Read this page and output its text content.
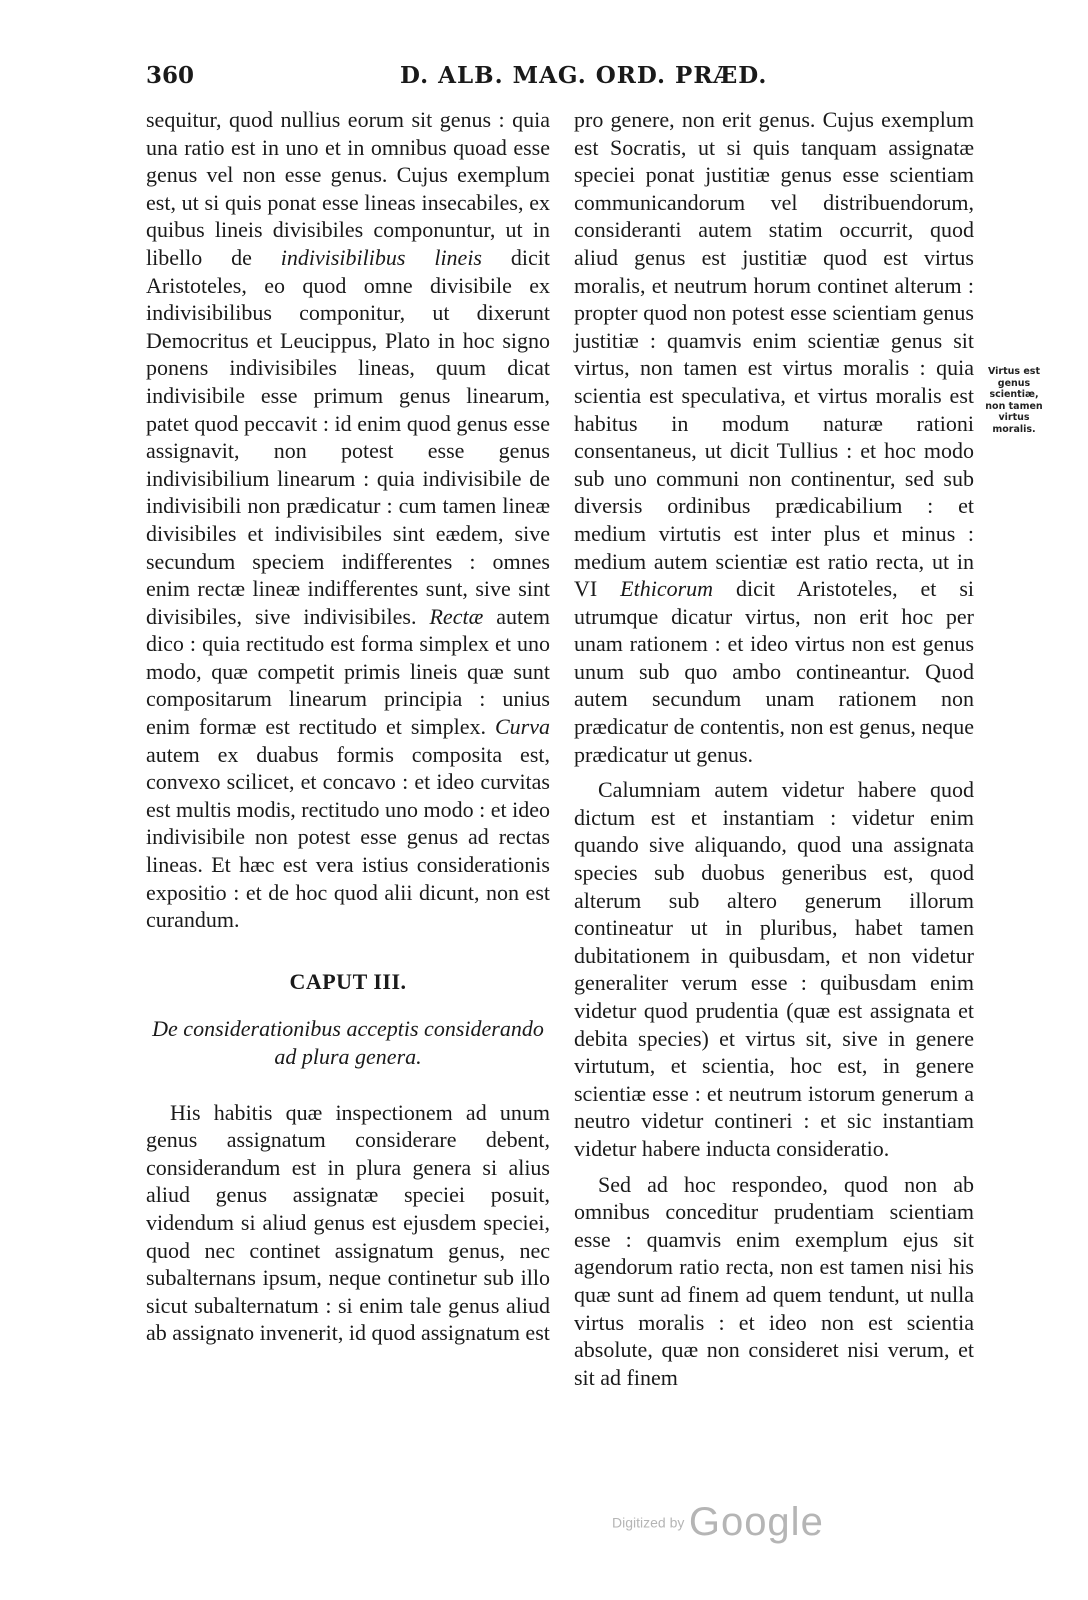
360	D. ALB. MAG. ORD. PRÆD.

sequitur, quod nullius eorum sit genus : quia una ratio est in uno et in omnibus quoad esse genus vel non esse genus. Cujus exemplum est, ut si quis ponat esse lineas insecabiles, ex quibus lineis divisibiles componuntur, ut in libello de indivisibilibus lineis dicit Aristoteles, eo quod omne divisibile ex indivisibilibus componitur, ut dixerunt Democritus et Leucippus, Plato in hoc signo ponens indivisibiles lineas, quum dicat indivisibile esse primum genus linearum, patet quod peccavit : id enim quod genus esse assignavit, non potest esse genus indivisibilium linearum : quia indivisibile de indivisibili non prædicatur : cum tamen lineæ divisibiles et indivisibiles sint eædem, sive secundum speciem indifferentes : omnes enim rectæ lineæ indifferentes sunt, sive sint divisibiles, sive indivisibiles. Rectæ autem dico : quia rectitudo est forma simplex et uno modo, quæ competit primis lineis quæ sunt compositarum linearum principia : unius enim formæ est rectitudo et simplex. Curva autem ex duabus formis composita est, convexo scilicet, et concavo : et ideo curvitas est multis modis, rectitudo uno modo : et ideo indivisibile non potest esse genus ad rectas lineas. Et hæc est vera istius considerationis expositio : et de hoc quod alii dicunt, non est curandum.

CAPUT III.

De considerationibus acceptis considerando ad plura genera.

His habitis quæ inspectionem ad unum genus assignatum considerare debent, considerandum est in plura genera si alius aliud genus assignatæ speciei posuit, videndum si aliud genus est ejusdem speciei, quod nec continet assignatum genus, nec subalternans ipsum, neque continetur sub illo sicut subalternatum : si enim tale genus aliud ab assignato invenerit, id quod assignatum est

pro genere, non erit genus. Cujus exemplum est Socratis, ut si quis tanquam assignatæ speciei ponat justitiæ genus esse scientiam communicandorum vel distribuendorum, consideranti autem statim occurrit, quod aliud genus est justitiæ quod est virtus moralis, et neutrum horum continet alterum : propter quod non potest esse scientiam genus justitiæ : quamvis enim scientiæ genus sit virtus, non tamen est virtus moralis : quia scientia est speculativa, et virtus moralis est habitus in modum naturæ rationi consentaneus, ut dicit Tullius : et hoc modo sub uno communi non continentur, sed sub diversis ordinibus prædicabilium : et medium virtutis est inter plus et minus : medium autem scientiæ est ratio recta, ut in VI Ethicorum dicit Aristoteles, et si utrumque dicatur virtus, non erit hoc per unam rationem : et ideo virtus non est genus unum sub quo ambo contineantur. Quod autem secundum unam rationem non prædicatur de contentis, non est genus, neque prædicatur ut genus.

Calumniam autem videtur habere quod dictum est et instantiam : videtur enim quando sive aliquando, quod una assignata species sub duobus generibus est, quod alterum sub altero generum illorum contineatur ut in pluribus, habet tamen dubitationem in quibusdam, et non videtur generaliter verum esse : quibusdam enim videtur quod prudentia (quæ est assignata et debita species) et virtus sit, sive in genere virtutum, et scientia, hoc est, in genere scientiæ esse : et neutrum istorum generum a neutro videtur contineri : et sic instantiam videtur habere inducta consideratio.

Sed ad hoc respondeo, quod non ab omnibus conceditur prudentiam scientiam esse : quamvis enim exemplum ejus sit agendorum ratio recta, non est tamen nisi his quæ sunt ad finem ad quem tendunt, ut nulla virtus moralis : et ideo non est scientia absolute, quæ non consideret nisi verum, et sit ad finem

Virtus est genus scientiæ, non tamen virtus moralis.
Digitized by Google
